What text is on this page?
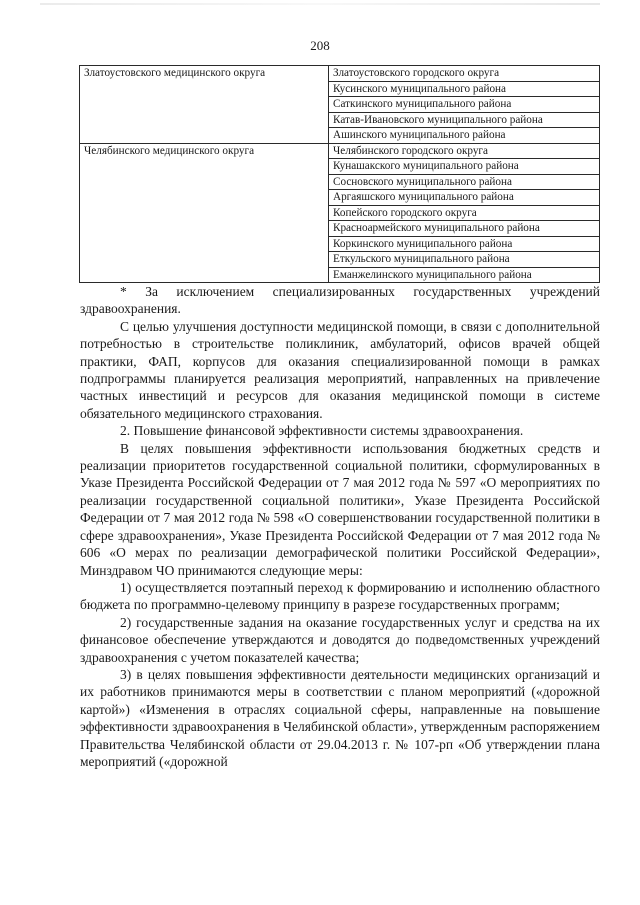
208
Златоустовского медицинского округа	Златоустовского городского округа
	Кусинского муниципального района
	Саткинского муниципального района
	Катав-Ивановского муниципального района
	Ашинского муниципального района
Челябинского медицинского округа	Челябинского городского округа
	Кунашакского муниципального района
	Сосновского муниципального района
	Аргаяшского муниципального района
	Копейского городского округа
	Красноармейского муниципального района
	Коркинского муниципального района
	Еткульского муниципального района
	Еманжелинского муниципального района

* За исключением специализированных государственных учреждений здравоохранения.

С целью улучшения доступности медицинской помощи, в связи с дополнительной потребностью в строительстве поликлиник, амбулаторий, офисов врачей общей практики, ФАП, корпусов для оказания специализированной помощи в рамках подпрограммы планируется реализация мероприятий, направленных на привлечение частных инвестиций и ресурсов для оказания медицинской помощи в системе обязательного медицинского страхования.

2. Повышение финансовой эффективности системы здравоохранения.

В целях повышения эффективности использования бюджетных средств и реализации приоритетов государственной социальной политики, сформулированных в Указе Президента Российской Федерации от 7 мая 2012 года № 597 «О мероприятиях по реализации государственной социальной политики», Указе Президента Российской Федерации от 7 мая 2012 года № 598 «О совершенствовании государственной политики в сфере здравоохранения», Указе Президента Российской Федерации от 7 мая 2012 года № 606 «О мерах по реализации демографической политики Российской Федерации», Минздравом ЧО принимаются следующие меры:

1) осуществляется поэтапный переход к формированию и исполнению областного бюджета по программно-целевому принципу в разрезе государственных программ;

2) государственные задания на оказание государственных услуг и средства на их финансовое обеспечение утверждаются и доводятся до подведомственных учреждений здравоохранения с учетом показателей качества;

3) в целях повышения эффективности деятельности медицинских организаций и их работников принимаются меры в соответствии с планом мероприятий («дорожной картой») «Изменения в отраслях социальной сферы, направленные на повышение эффективности здравоохранения в Челябинской области», утвержденным распоряжением Правительства Челябинской области от 29.04.2013 г. № 107-рп «Об утверждении плана мероприятий («дорожной
